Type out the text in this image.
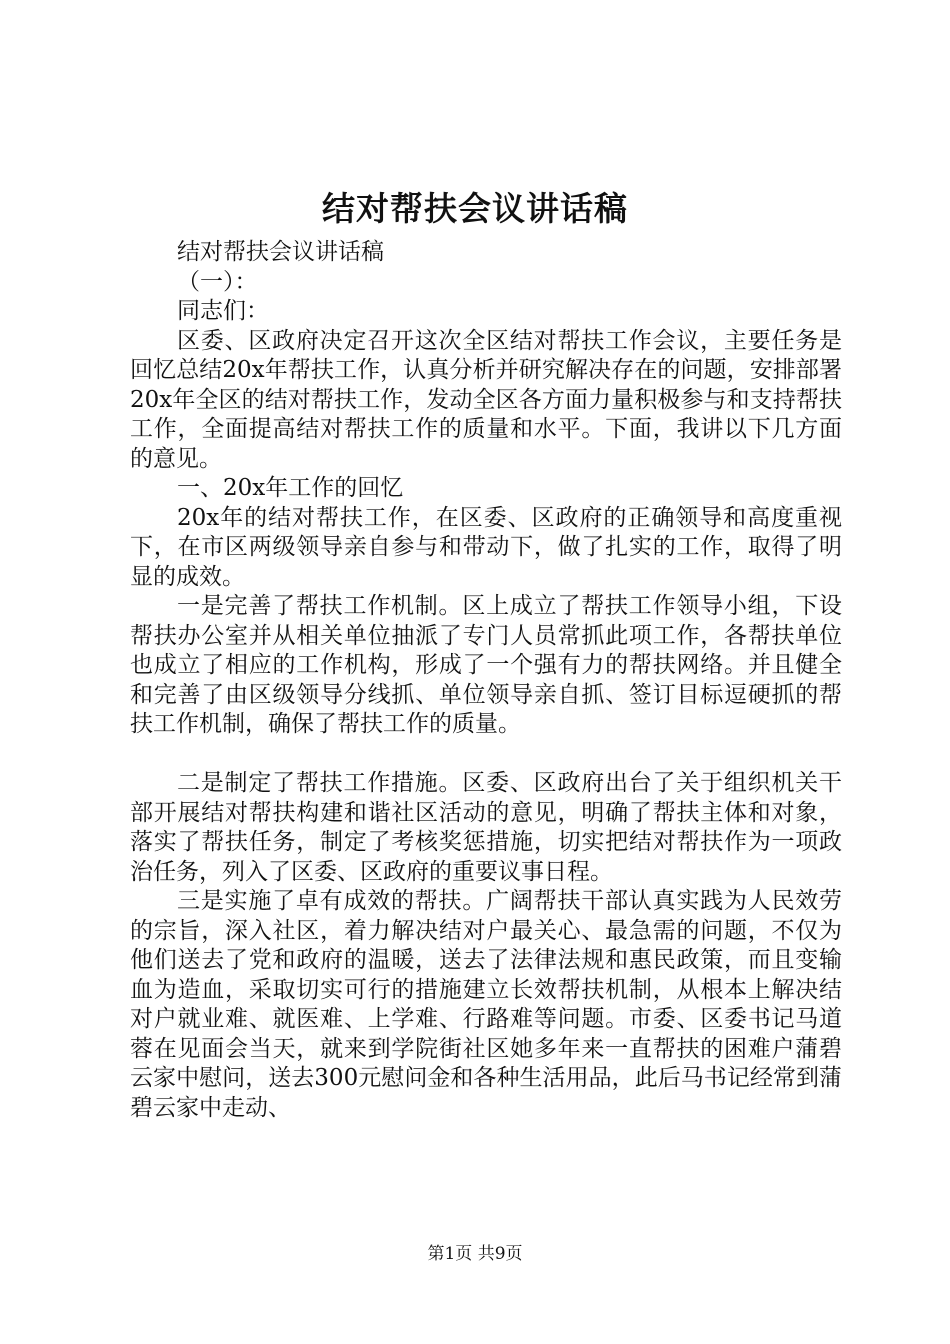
结对帮扶会议讲话稿

结对帮扶会议讲话稿

（一）：

同志们：

区委、区政府决定召开这次全区结对帮扶工作会议，主要任务是回忆总结20x年帮扶工作，认真分析并研究解决存在的问题，安排部署20x年全区的结对帮扶工作，发动全区各方面力量积极参与和支持帮扶工作，全面提高结对帮扶工作的质量和水平。下面，我讲以下几方面的意见。

一、20x年工作的回忆

20x年的结对帮扶工作，在区委、区政府的正确领导和高度重视下，在市区两级领导亲自参与和带动下，做了扎实的工作，取得了明显的成效。

一是完善了帮扶工作机制。区上成立了帮扶工作领导小组，下设帮扶办公室并从相关单位抽派了专门人员常抓此项工作，各帮扶单位也成立了相应的工作机构，形成了一个强有力的帮扶网络。并且健全和完善了由区级领导分线抓、单位领导亲自抓、签订目标逗硬抓的帮扶工作机制，确保了帮扶工作的质量。

二是制定了帮扶工作措施。区委、区政府出台了关于组织机关干部开展结对帮扶构建和谐社区活动的意见，明确了帮扶主体和对象，落实了帮扶任务，制定了考核奖惩措施，切实把结对帮扶作为一项政治任务，列入了区委、区政府的重要议事日程。

三是实施了卓有成效的帮扶。广阔帮扶干部认真实践为人民效劳的宗旨，深入社区，着力解决结对户最关心、最急需的问题，不仅为他们送去了党和政府的温暖，送去了法律法规和惠民政策，而且变输血为造血，采取切实可行的措施建立长效帮扶机制，从根本上解决结对户就业难、就医难、上学难、行路难等问题。市委、区委书记马道蓉在见面会当天，就来到学院街社区她多年来一直帮扶的困难户蒲碧云家中慰问，送去300元慰问金和各种生活用品，此后马书记经常到蒲碧云家中走动、

第1页 共9页
